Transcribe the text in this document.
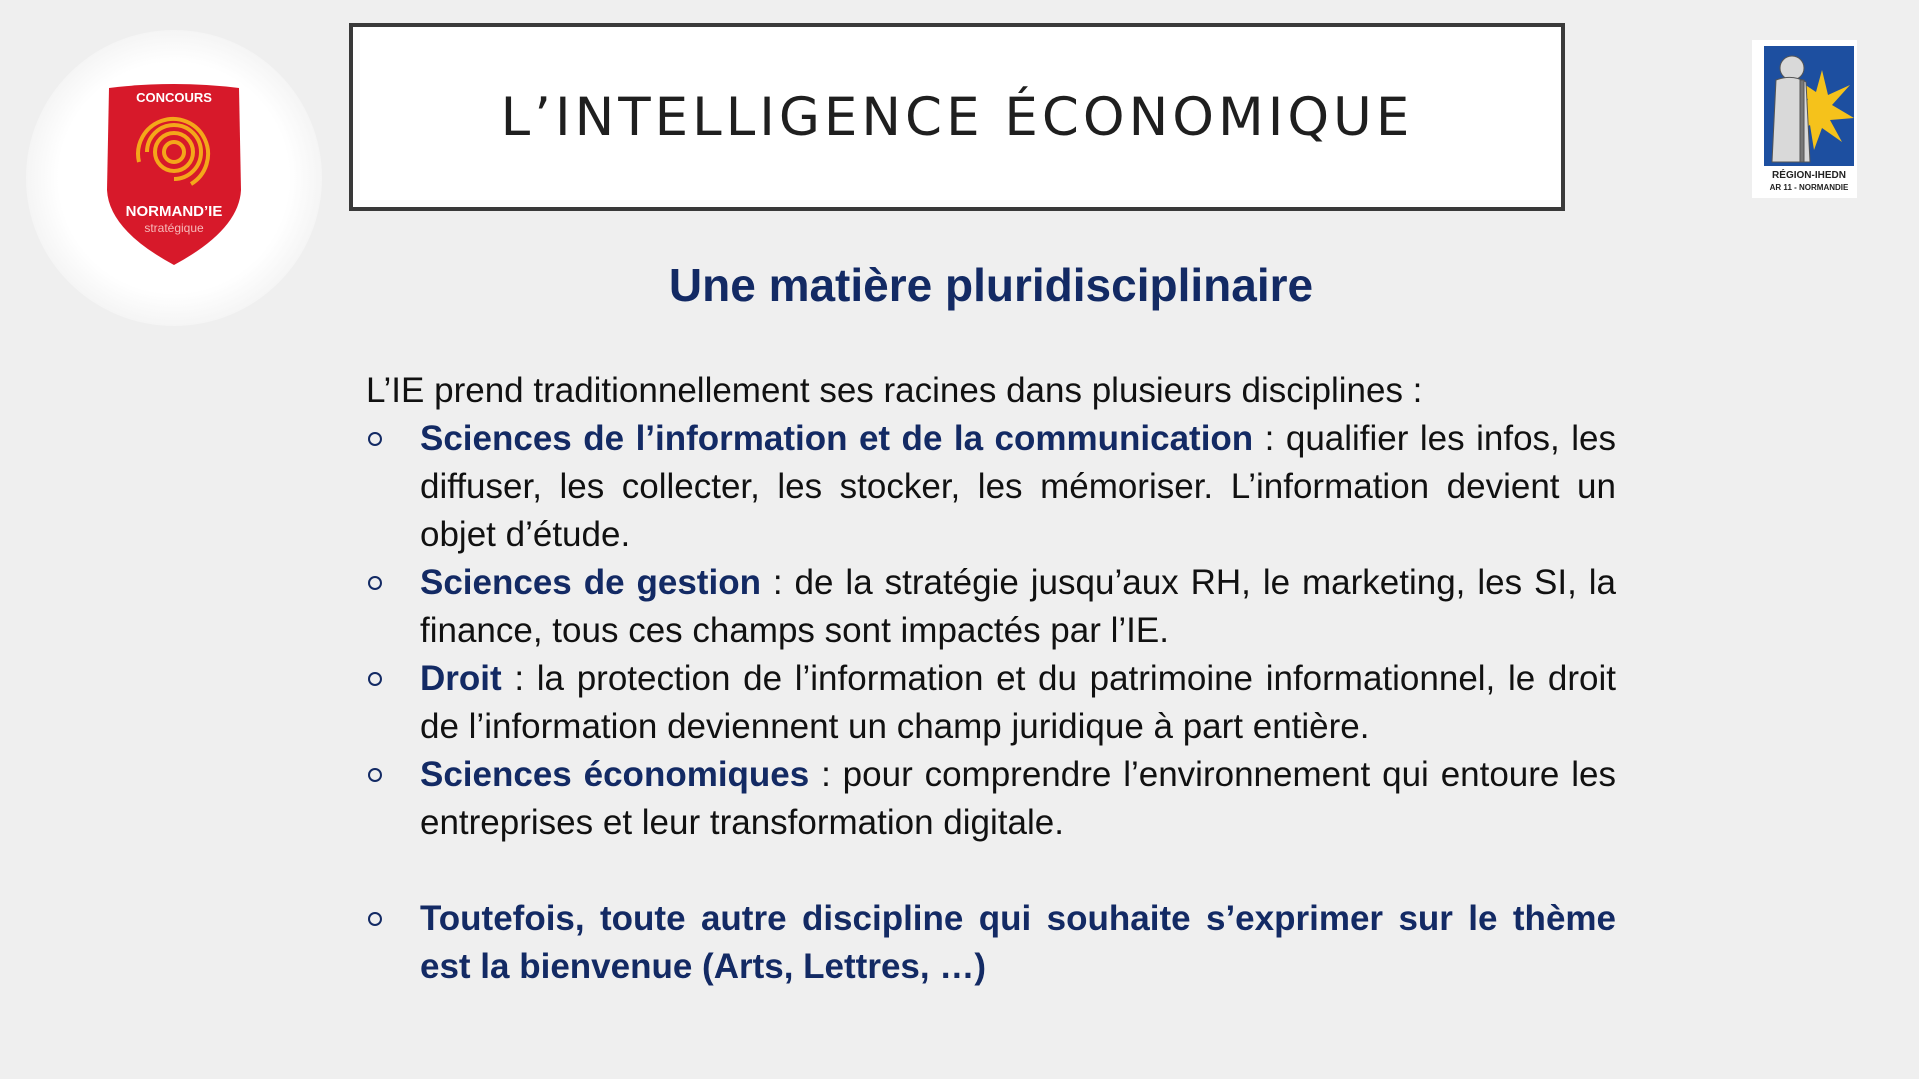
CONCOURS
NORMAND’IE
stratégique
L’INTELLIGENCE ÉCONOMIQUE
RÉGION-IHEDN
AR 11 - NORMANDIE
Une matière pluridisciplinaire

L’IE prend traditionnellement ses racines dans plusieurs disciplines :

Sciences de l’information et de la communication : qualifier les infos, les diffuser, les collecter, les stocker, les mémoriser. L’information devient un objet d’étude.
Sciences de gestion : de la stratégie jusqu’aux RH, le marketing, les SI, la finance, tous ces champs sont impactés par l’IE.
Droit : la protection de l’information et du patrimoine informationnel, le droit de l’information deviennent un champ juridique à part entière.
Sciences économiques : pour comprendre l’environnement qui entoure les entreprises et leur transformation digitale.
Toutefois, toute autre discipline qui souhaite s’exprimer sur le thème est la bienvenue (Arts, Lettres, …)
